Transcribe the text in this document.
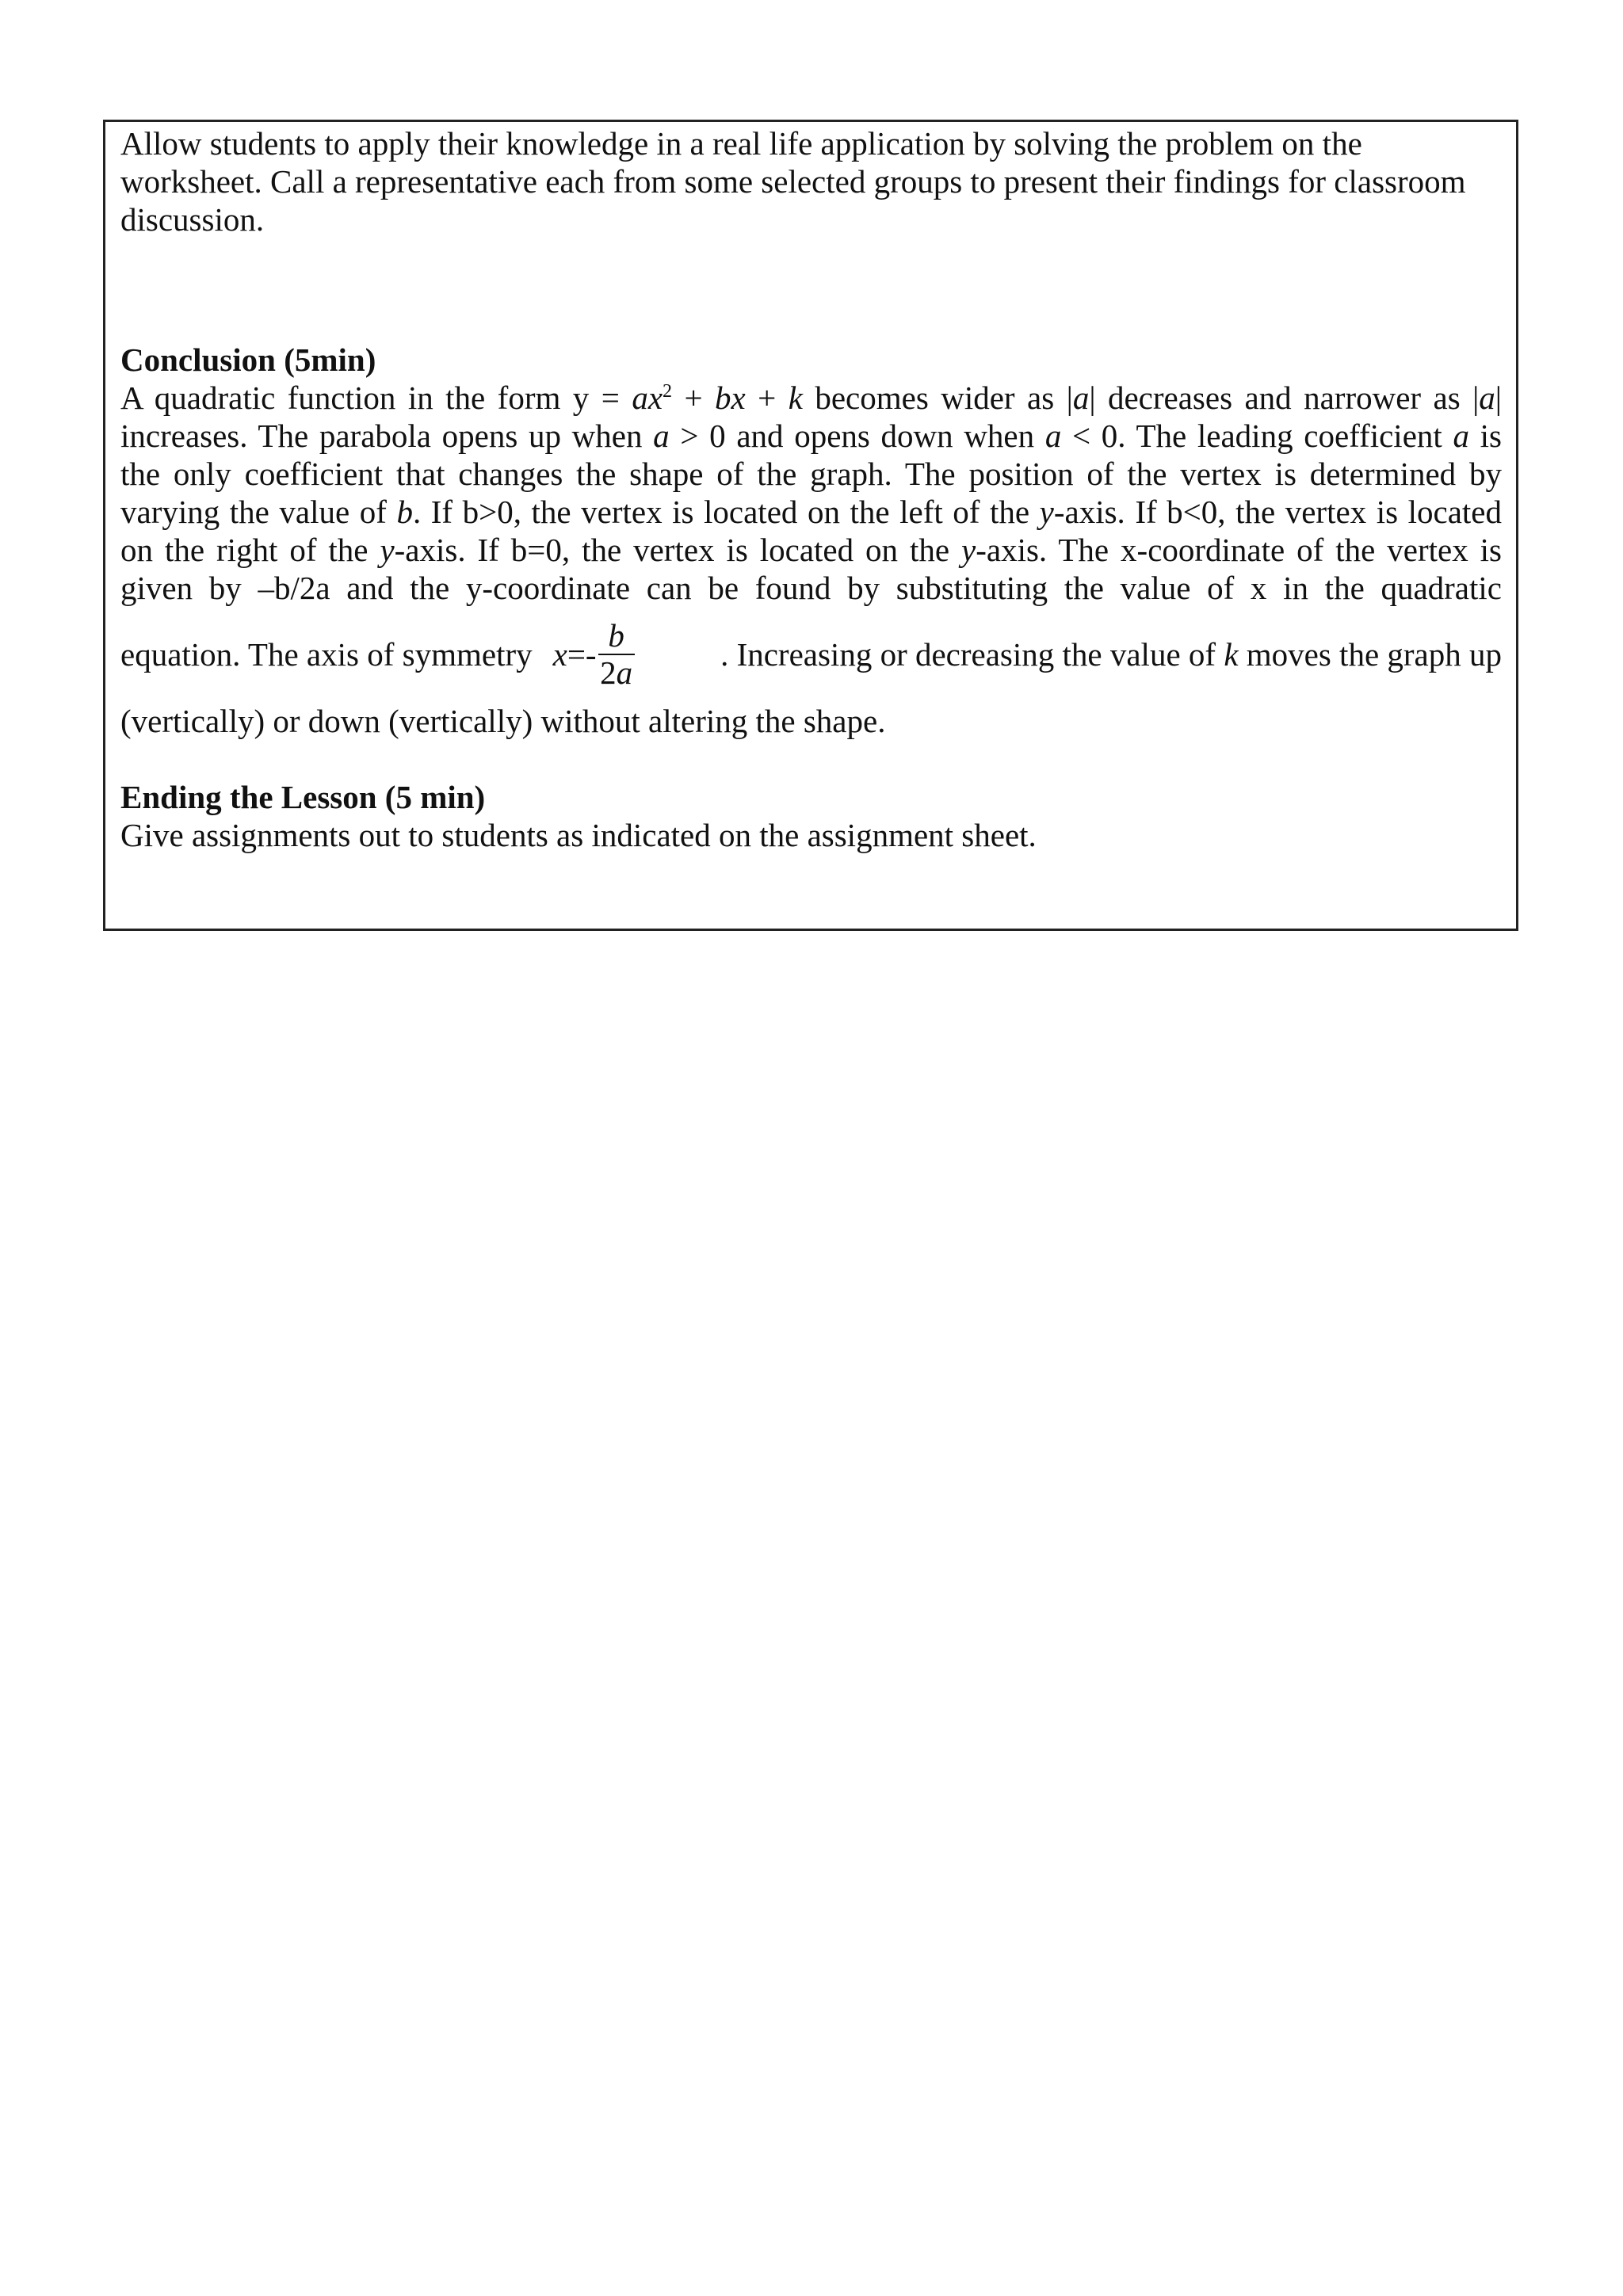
Allow students to apply their knowledge in a real life application by solving the problem on the
worksheet. Call a representative each from some selected groups to present their findings for classroom
discussion.
Conclusion (5min)
A quadratic function in the form $y = ax^2$ + bx + k becomes wider as |a| decreases and narrower as |a|
increases. The parabola opens up when a > 0 and opens down when a < 0. The leading coefficient a is
the only coefficient that changes the shape of the graph. The position of the vertex is determined by
varying the value of b. If b>0, the vertex is located on the left of the y-axis. If b<0, the vertex is located
on the right of the y-axis. If b=0, the vertex is located on the y-axis. The x-coordinate of the vertex is
given by –b/2a and the y-coordinate can be found by substituting the value of x in the quadratic
equation. The axis of symmetry $x =- \frac{b}{2a}$	. Increasing or decreasing the value of k moves the graph up
(vertically) or down (vertically) without altering the shape.
Ending the Lesson (5 min)
Give assignments out to students as indicated on the assignment sheet.
